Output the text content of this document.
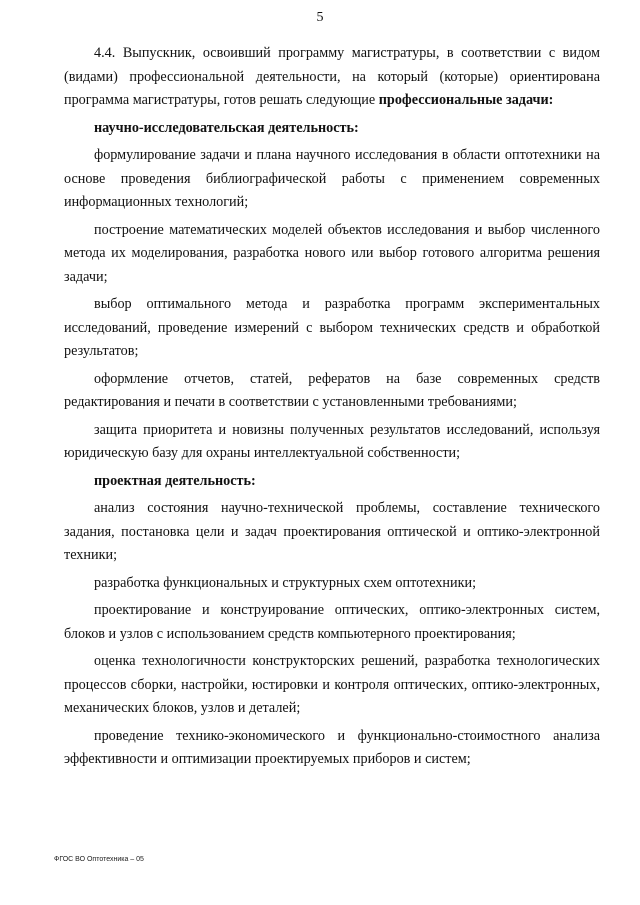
5

4.4. Выпускник, освоивший программу магистратуры, в соответствии с видом (видами) профессиональной деятельности, на который (которые) ориентирована программа магистратуры, готов решать следующие профессиональные задачи:

научно-исследовательская деятельность:

формулирование задачи и плана научного исследования в области оптотехники на основе проведения библиографической работы с применением современных информационных технологий;

построение математических моделей объектов исследования и выбор численного метода их моделирования, разработка нового или выбор готового алгоритма решения задачи;

выбор оптимального метода и разработка программ экспериментальных исследований, проведение измерений с выбором технических средств и обработкой результатов;

оформление отчетов, статей, рефератов на базе современных средств редактирования и печати в соответствии с установленными требованиями;

защита приоритета и новизны полученных результатов исследований, используя юридическую базу для охраны интеллектуальной собственности;

проектная деятельность:

анализ состояния научно-технической проблемы, составление технического задания, постановка цели и задач проектирования оптической и оптико-электронной техники;

разработка функциональных и структурных схем оптотехники;

проектирование и конструирование оптических, оптико-электронных систем, блоков и узлов с использованием средств компьютерного проектирования;

оценка технологичности конструкторских решений, разработка технологических процессов сборки, настройки, юстировки и контроля оптических, оптико-электронных, механических блоков, узлов и деталей;

проведение технико-экономического и функционально-стоимостного анализа эффективности и оптимизации проектируемых приборов и систем;

ФГОС ВО Оптотехника – 05
